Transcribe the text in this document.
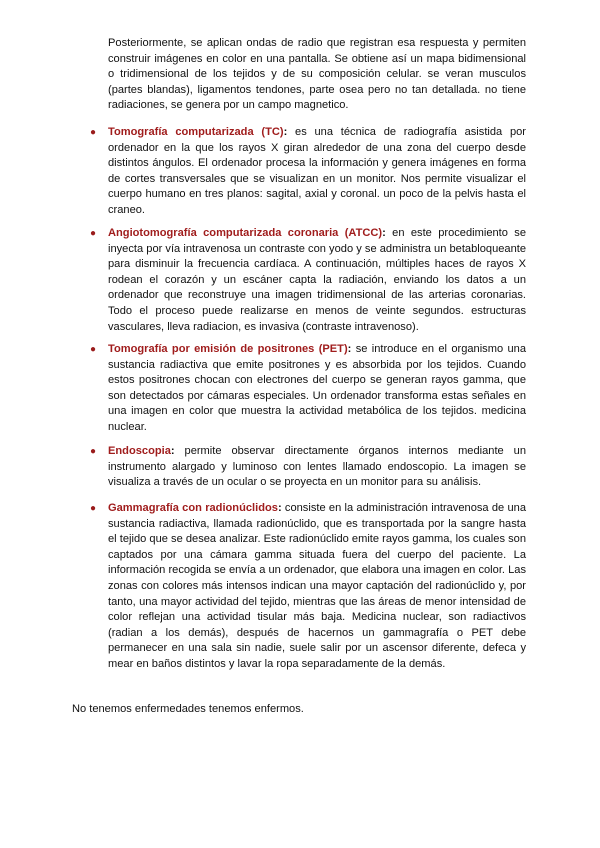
Posteriormente, se aplican ondas de radio que registran esa respuesta y permiten construir imágenes en color en una pantalla. Se obtiene así un mapa bidimensional o tridimensional de los tejidos y de su composición celular. se veran musculos (partes blandas), ligamentos tendones, parte osea pero no tan detallada. no tiene radiaciones, se genera por un campo magnetico.

●	Tomografía computarizada (TC): es una técnica de radiografía asistida por ordenador en la que los rayos X giran alrededor de una zona del cuerpo desde distintos ángulos. El ordenador procesa la información y genera imágenes en forma de cortes transversales que se visualizan en un monitor. Nos permite visualizar el cuerpo humano en tres planos: sagital, axial y coronal. un poco de la pelvis hasta el craneo.
●	Angiotomografía computarizada coronaria (ATCC): en este procedimiento se inyecta por vía intravenosa un contraste con yodo y se administra un betabloqueante para disminuir la frecuencia cardíaca. A continuación, múltiples haces de rayos X rodean el corazón y un escáner capta la radiación, enviando los datos a un ordenador que reconstruye una imagen tridimensional de las arterias coronarias. Todo el proceso puede realizarse en menos de veinte segundos. estructuras vasculares, lleva radiacion, es invasiva (contraste intravenoso).
●	Tomografía por emisión de positrones (PET): se introduce en el organismo una sustancia radiactiva que emite positrones y es absorbida por los tejidos. Cuando estos positrones chocan con electrones del cuerpo se generan rayos gamma, que son detectados por cámaras especiales. Un ordenador transforma estas señales en una imagen en color que muestra la actividad metabólica de los tejidos. medicina nuclear.
●	Endoscopia: permite observar directamente órganos internos mediante un instrumento alargado y luminoso con lentes llamado endoscopio. La imagen se visualiza a través de un ocular o se proyecta en un monitor para su análisis.
●	Gammagrafía con radionúclidos: consiste en la administración intravenosa de una sustancia radiactiva, llamada radionúclido, que es transportada por la sangre hasta el tejido que se desea analizar. Este radionúclido emite rayos gamma, los cuales son captados por una cámara gamma situada fuera del cuerpo del paciente. La información recogida se envía a un ordenador, que elabora una imagen en color. Las zonas con colores más intensos indican una mayor captación del radionúclido y, por tanto, una mayor actividad del tejido, mientras que las áreas de menor intensidad de color reflejan una actividad tisular más baja. Medicina nuclear, son radiactivos (radian a los demás), después de hacernos un gammagrafía o PET debe permanecer en una sala sin nadie, suele salir por un ascensor diferente, defeca y mear en baños distintos y lavar la ropa separadamente de la demás.

No tenemos enfermedades tenemos enfermos.
